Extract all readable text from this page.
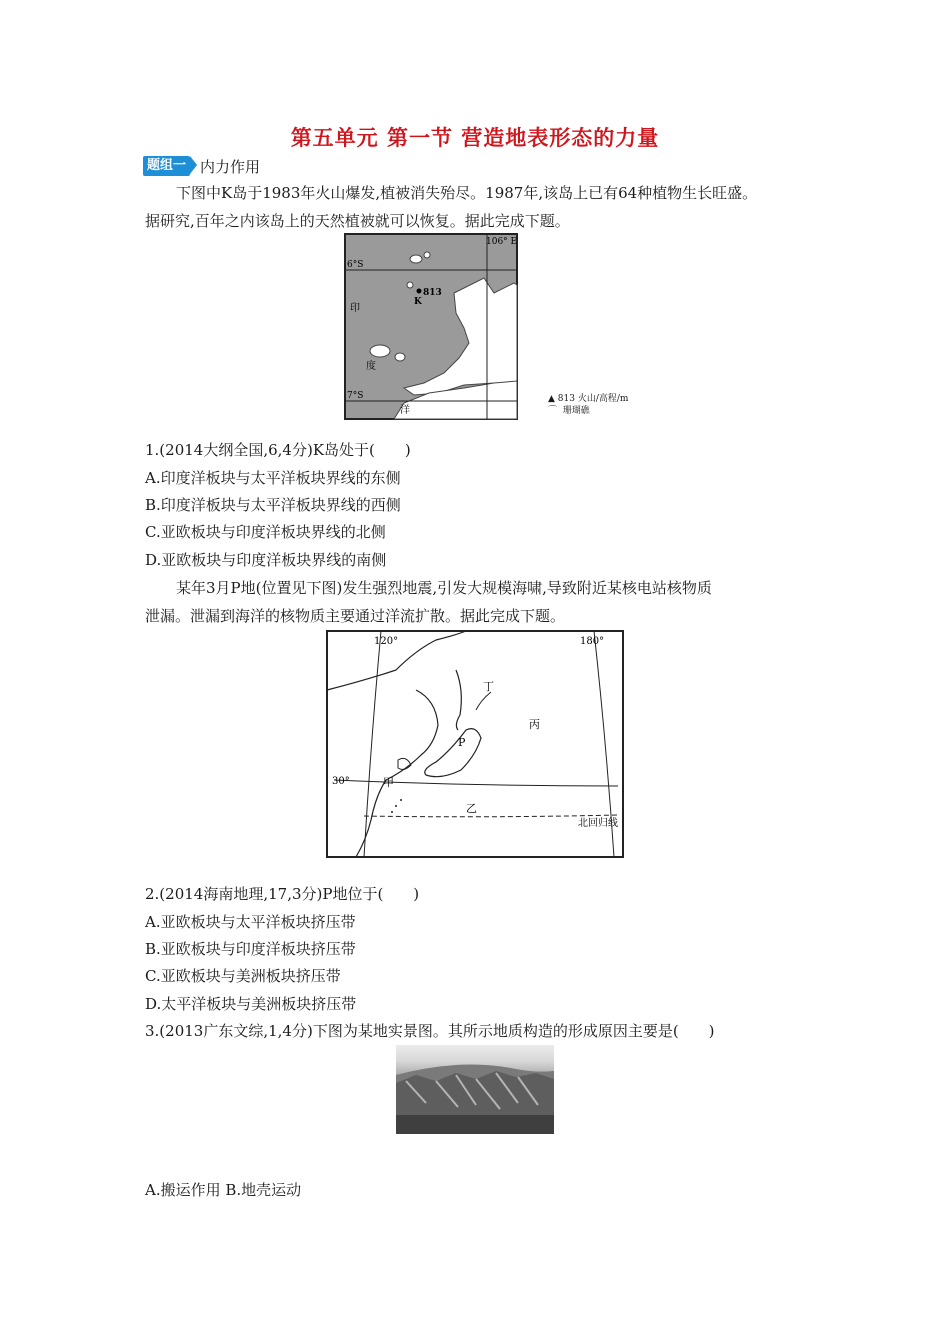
第五单元 第一节 营造地表形态的力量
题组一 内力作用
下图中K岛于1983年火山爆发,植被消失殆尽。1987年,该岛上已有64种植物生长旺盛。
据研究,百年之内该岛上的天然植被就可以恢复。据此完成下题。
106° E
6°S
7°S
813
K
印
度
洋
▲ 813 火山/高程/m
⌒  珊瑚礁
1.(2014大纲全国,6,4分)K岛处于(　　)
A.印度洋板块与太平洋板块界线的东侧
B.印度洋板块与太平洋板块界线的西侧
C.亚欧板块与印度洋板块界线的北侧
D.亚欧板块与印度洋板块界线的南侧
某年3月P地(位置见下图)发生强烈地震,引发大规模海啸,导致附近某核电站核物质
泄漏。泄漏到海洋的核物质主要通过洋流扩散。据此完成下题。
120°	180°
30°
丁
丙
P
甲
乙
北回归线
2.(2014海南地理,17,3分)P地位于(　　)
A.亚欧板块与太平洋板块挤压带
B.亚欧板块与印度洋板块挤压带
C.亚欧板块与美洲板块挤压带
D.太平洋板块与美洲板块挤压带
3.(2013广东文综,1,4分)下图为某地实景图。其所示地质构造的形成原因主要是(　　)
A.搬运作用 B.地壳运动
